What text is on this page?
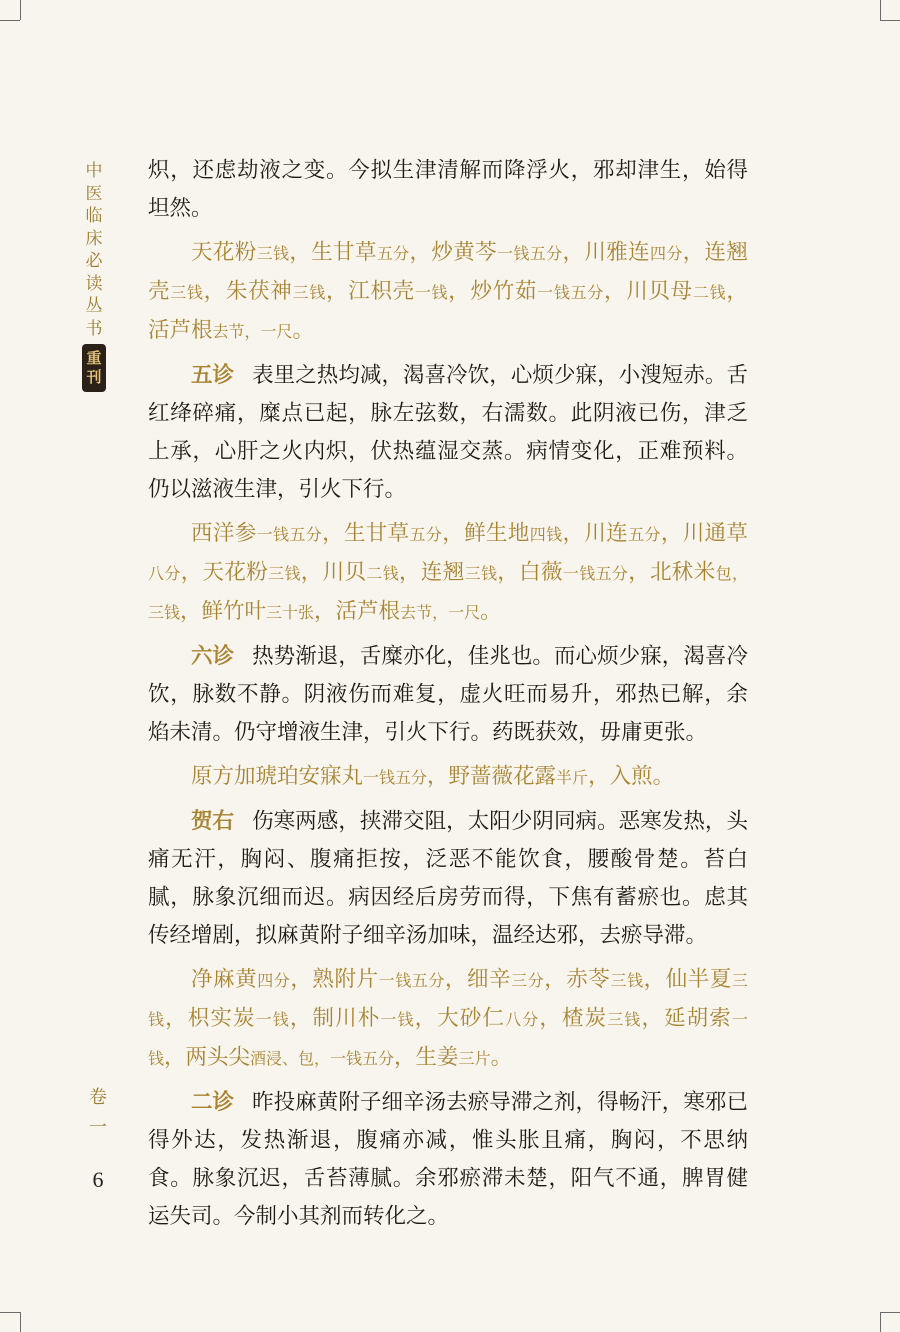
中
医
临
床
必
读
丛
书
重
刊
卷
一
6

炽，还虑劫液之变。今拟生津清解而降浮火，邪却津生，始得坦然。

天花粉三钱，生甘草五分，炒黄芩一钱五分，川雅连四分，连翘壳三钱，朱茯神三钱，江枳壳一钱，炒竹茹一钱五分，川贝母二钱，活芦根去节，一尺。

五诊 表里之热均减，渴喜冷饮，心烦少寐，小溲短赤。舌红绛碎痛，糜点已起，脉左弦数，右濡数。此阴液已伤，津乏上承，心肝之火内炽，伏热蕴湿交蒸。病情变化，正难预料。仍以滋液生津，引火下行。

西洋参一钱五分，生甘草五分，鲜生地四钱，川连五分，川通草八分，天花粉三钱，川贝二钱，连翘三钱，白薇一钱五分，北秫米包，三钱，鲜竹叶三十张，活芦根去节，一尺。

六诊 热势渐退，舌糜亦化，佳兆也。而心烦少寐，渴喜冷饮，脉数不静。阴液伤而难复，虚火旺而易升，邪热已解，余焰未清。仍守增液生津，引火下行。药既获效，毋庸更张。

原方加琥珀安寐丸一钱五分，野蔷薇花露半斤，入煎。

贺右 伤寒两感，挟滞交阻，太阳少阴同病。恶寒发热，头痛无汗，胸闷、腹痛拒按，泛恶不能饮食，腰酸骨楚。苔白腻，脉象沉细而迟。病因经后房劳而得，下焦有蓄瘀也。虑其传经增剧，拟麻黄附子细辛汤加味，温经达邪，去瘀导滞。

净麻黄四分，熟附片一钱五分，细辛三分，赤苓三钱，仙半夏三钱，枳实炭一钱，制川朴一钱，大砂仁八分，楂炭三钱，延胡索一钱，两头尖酒浸、包，一钱五分，生姜三片。

二诊 昨投麻黄附子细辛汤去瘀导滞之剂，得畅汗，寒邪已得外达，发热渐退，腹痛亦减，惟头胀且痛，胸闷，不思纳食。脉象沉迟，舌苔薄腻。余邪瘀滞未楚，阳气不通，脾胃健运失司。今制小其剂而转化之。
